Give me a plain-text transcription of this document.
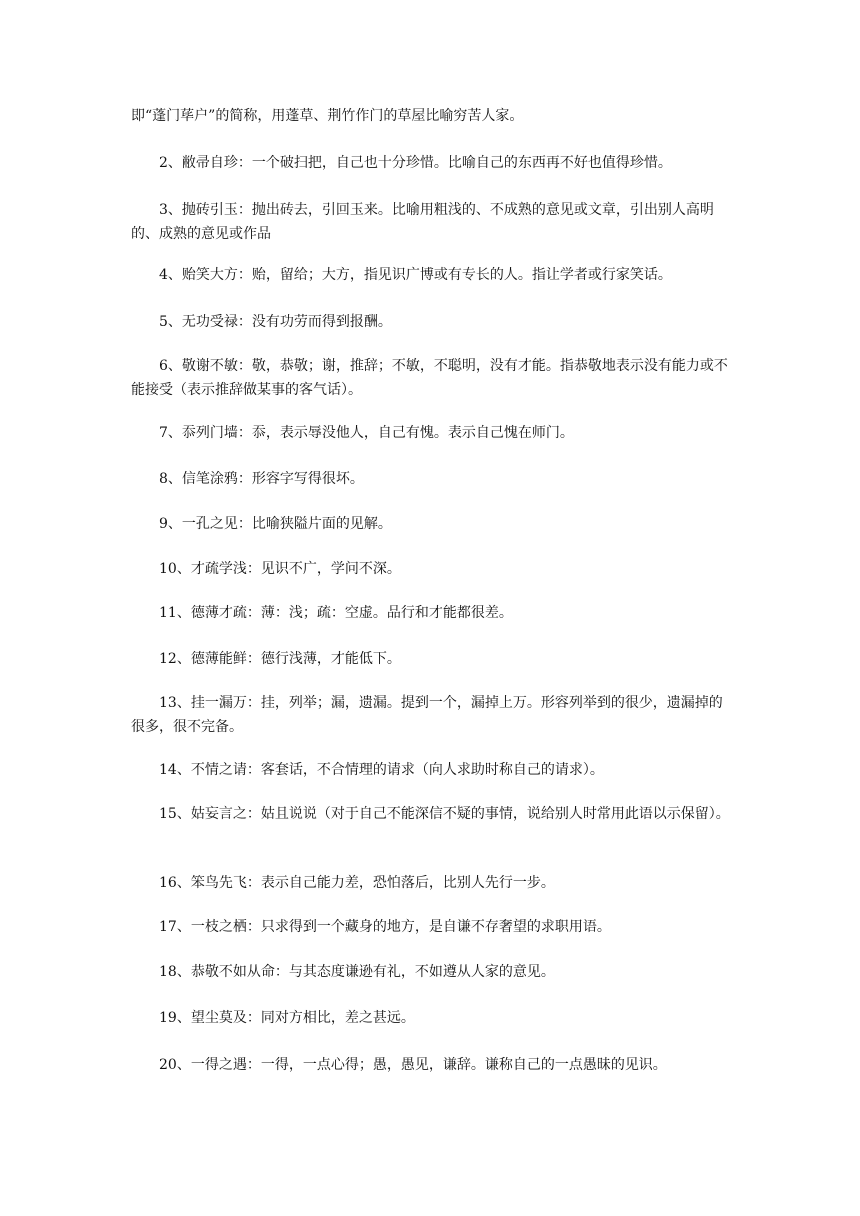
即“蓬门荜户”的简称，用蓬草、荆竹作门的草屋比喻穷苦人家。

2、敝帚自珍：一个破扫把，自己也十分珍惜。比喻自己的东西再不好也值得珍惜。

3、抛砖引玉：抛出砖去，引回玉来。比喻用粗浅的、不成熟的意见或文章，引出别人高明的、成熟的意见或作品

4、贻笑大方：贻，留给；大方，指见识广博或有专长的人。指让学者或行家笑话。

5、无功受禄：没有功劳而得到报酬。

6、敬谢不敏：敬，恭敬；谢，推辞；不敏，不聪明，没有才能。指恭敬地表示没有能力或不能接受（表示推辞做某事的客气话）。

7、忝列门墙：忝，表示辱没他人，自己有愧。表示自己愧在师门。

8、信笔涂鸦：形容字写得很坏。

9、一孔之见：比喻狭隘片面的见解。

10、才疏学浅：见识不广，学问不深。

11、德薄才疏：薄：浅；疏：空虚。品行和才能都很差。

12、德薄能鲜：德行浅薄，才能低下。

13、挂一漏万：挂，列举；漏，遗漏。提到一个，漏掉上万。形容列举到的很少，遗漏掉的很多，很不完备。

14、不情之请：客套话，不合情理的请求（向人求助时称自己的请求）。

15、姑妄言之：姑且说说（对于自己不能深信不疑的事情，说给别人时常用此语以示保留）。

16、笨鸟先飞：表示自己能力差，恐怕落后，比别人先行一步。

17、一枝之栖：只求得到一个藏身的地方，是自谦不存奢望的求职用语。

18、恭敬不如从命：与其态度谦逊有礼，不如遵从人家的意见。

19、望尘莫及：同对方相比，差之甚远。

20、一得之遇：一得，一点心得；愚，愚见，谦辞。谦称自己的一点愚昧的见识。
